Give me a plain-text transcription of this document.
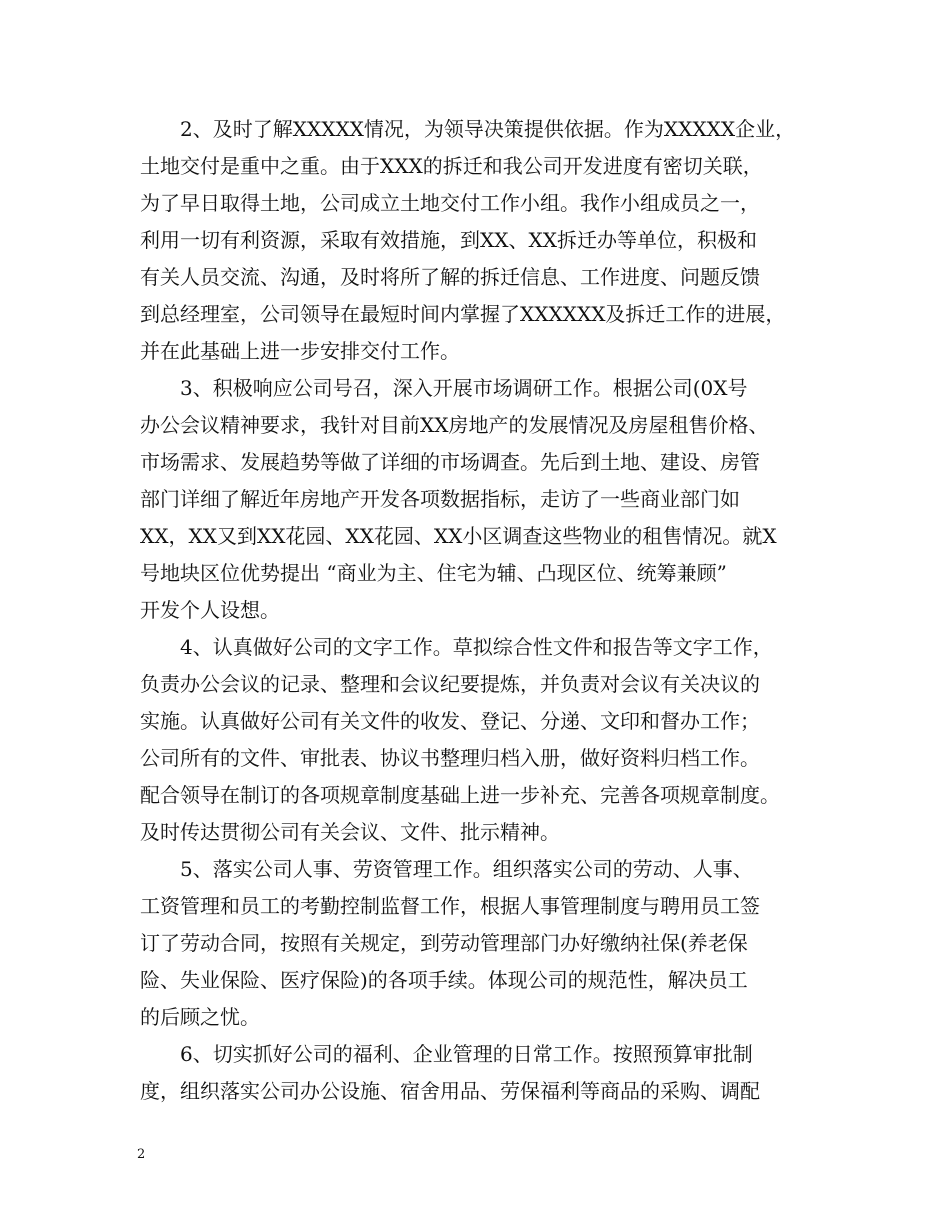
2、及时了解XXXXX情况，为领导决策提供依据。作为XXXXX企业，
土地交付是重中之重。由于XXX的拆迁和我公司开发进度有密切关联，
为了早日取得土地，公司成立土地交付工作小组。我作小组成员之一，
利用一切有利资源，采取有效措施，到XX、XX拆迁办等单位，积极和
有关人员交流、沟通，及时将所了解的拆迁信息、工作进度、问题反馈
到总经理室，公司领导在最短时间内掌握了XXXXXX及拆迁工作的进展，
并在此基础上进一步安排交付工作。
3、积极响应公司号召，深入开展市场调研工作。根据公司(0X号
办公会议精神要求，我针对目前XX房地产的发展情况及房屋租售价格、
市场需求、发展趋势等做了详细的市场调查。先后到土地、建设、房管
部门详细了解近年房地产开发各项数据指标，走访了一些商业部门如
XX，XX又到XX花园、XX花园、XX小区调查这些物业的租售情况。就X
号地块区位优势提出 “商业为主、住宅为辅、凸现区位、统筹兼顾”
开发个人设想。
4、认真做好公司的文字工作。草拟综合性文件和报告等文字工作，
负责办公会议的记录、整理和会议纪要提炼，并负责对会议有关决议的
实施。认真做好公司有关文件的收发、登记、分递、文印和督办工作；
公司所有的文件、审批表、协议书整理归档入册，做好资料归档工作。
配合领导在制订的各项规章制度基础上进一步补充、完善各项规章制度。
及时传达贯彻公司有关会议、文件、批示精神。
5、落实公司人事、劳资管理工作。组织落实公司的劳动、人事、
工资管理和员工的考勤控制监督工作，根据人事管理制度与聘用员工签
订了劳动合同，按照有关规定，到劳动管理部门办好缴纳社保(养老保
险、失业保险、医疗保险)的各项手续。体现公司的规范性，解决员工
的后顾之忧。
6、切实抓好公司的福利、企业管理的日常工作。按照预算审批制
度，组织落实公司办公设施、宿舍用品、劳保福利等商品的采购、调配
2
